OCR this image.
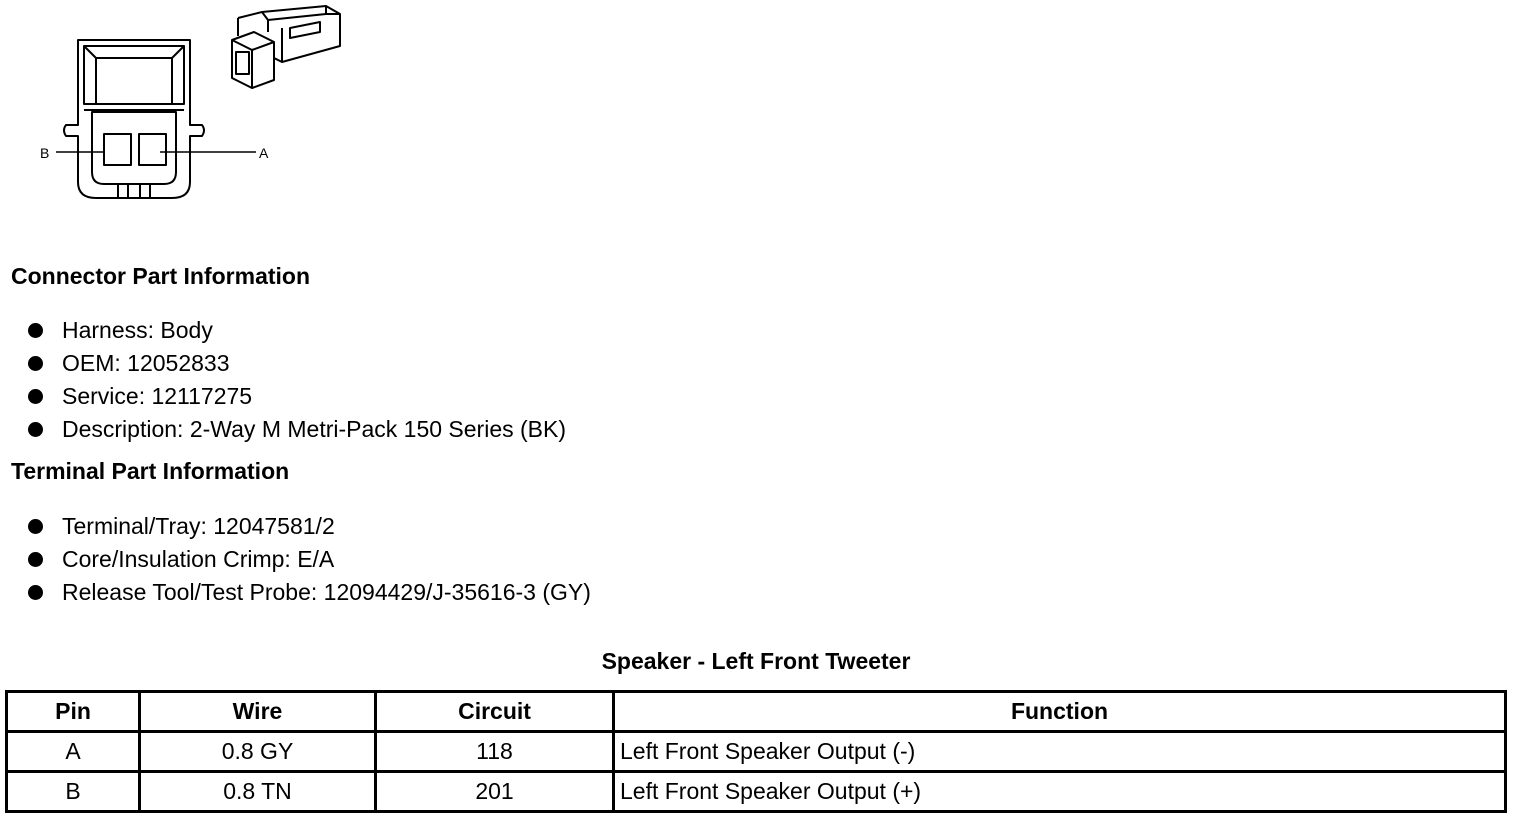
B	A
Connector Part Information
Harness: Body
OEM: 12052833
Service: 12117275
Description: 2-Way M Metri-Pack 150 Series (BK)
Terminal Part Information
Terminal/Tray: 12047581/2
Core/Insulation Crimp: E/A
Release Tool/Test Probe: 12094429/J-35616-3 (GY)
Speaker - Left Front Tweeter
Pin	Wire	Circuit	Function
A	0.8 GY	118	Left Front Speaker Output (-)
B	0.8 TN	201	Left Front Speaker Output (+)
